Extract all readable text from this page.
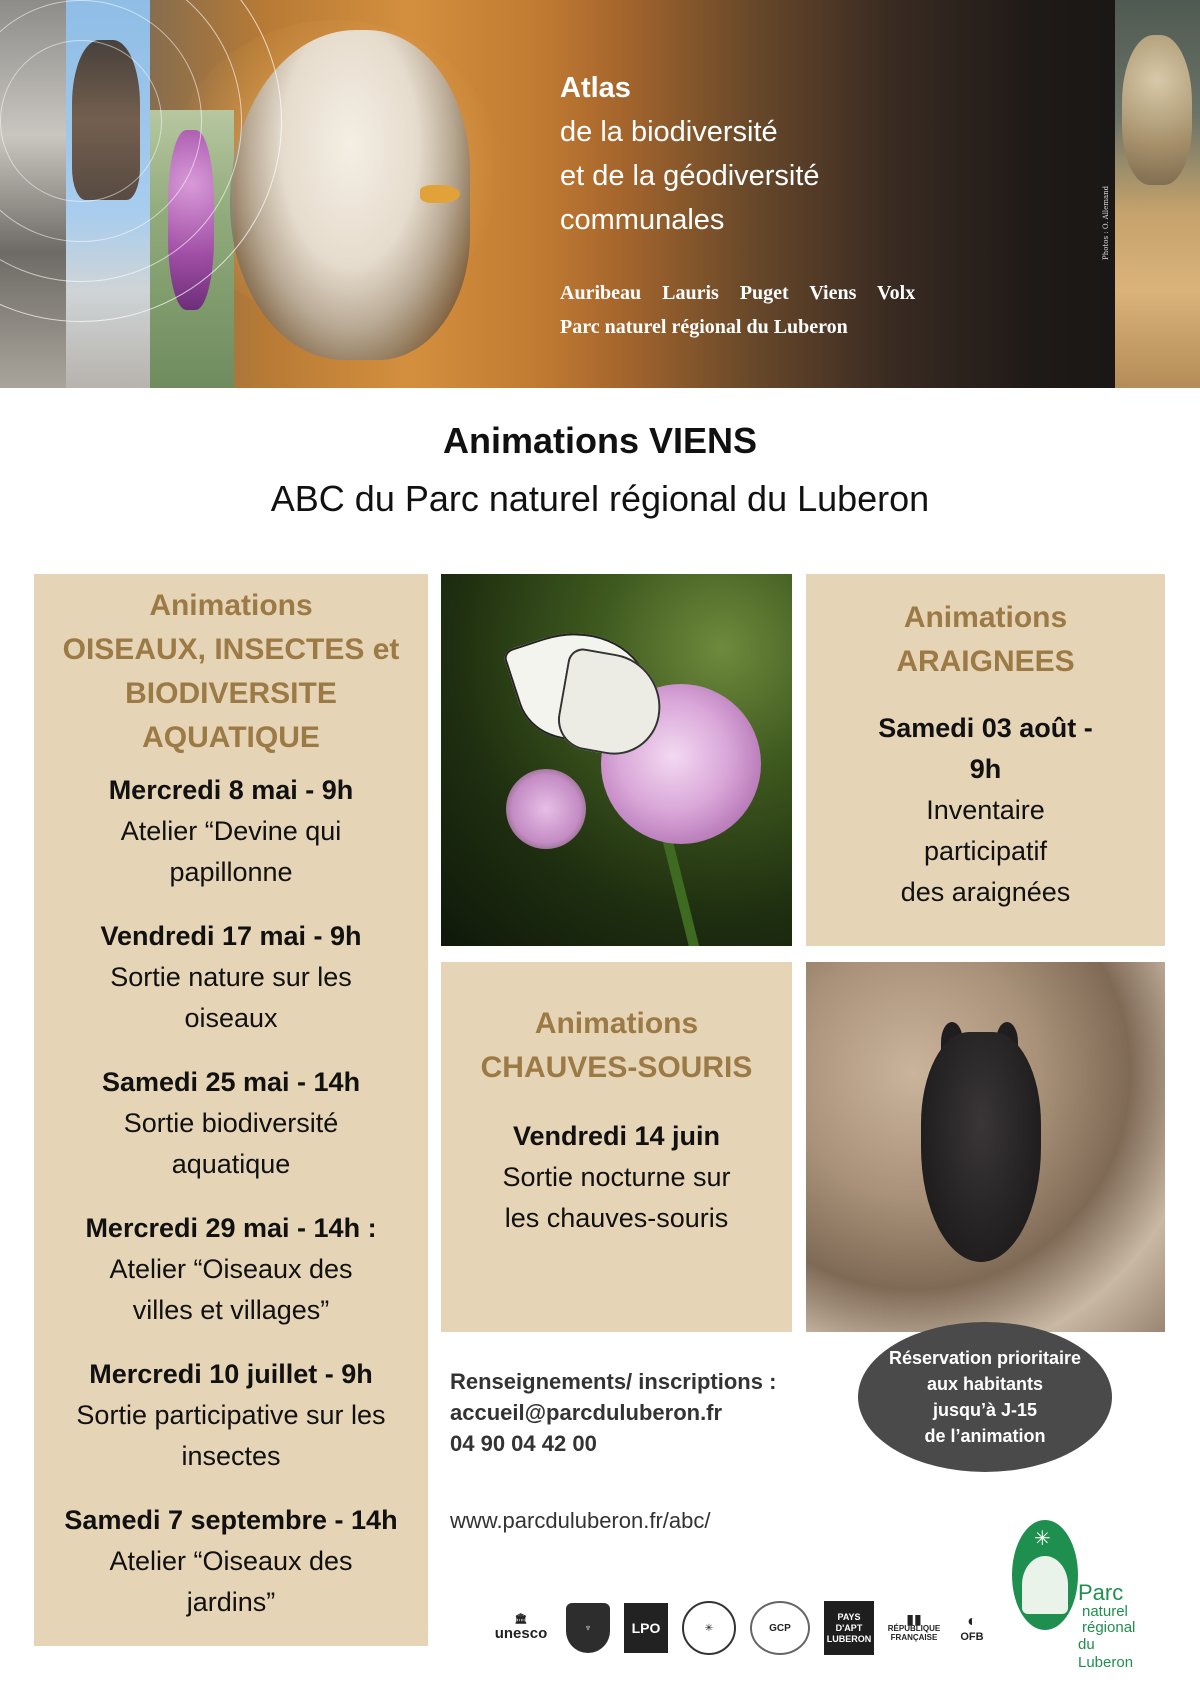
Photos : O. Allemand
Atlas
de la biodiversité
et de la géodiversité
communales
Auribeau Lauris Puget Viens Volx
Parc naturel régional du Luberon
Animations VIENS
ABC du Parc naturel régional du Luberon
Animations
OISEAUX, INSECTES et
BIODIVERSITE
AQUATIQUE
Mercredi 8 mai - 9h
Atelier “Devine qui
papillonne
Vendredi 17 mai - 9h
Sortie nature sur les
oiseaux
Samedi 25 mai - 14h
Sortie biodiversité
aquatique
Mercredi 29 mai - 14h :
Atelier “Oiseaux des
villes et villages”
Mercredi 10 juillet - 9h
Sortie participative sur les
insectes
Samedi 7 septembre - 14h
Atelier “Oiseaux des
jardins”
Animations
ARAIGNEES
Samedi 03 août -
9h
Inventaire
participatif
des araignées
Animations
CHAUVES-SOURIS
Vendredi 14 juin
Sortie nocturne sur
les chauves-souris
Réservation prioritaire
aux habitants
jusqu’à J-15
de l’animation
Renseignements/ inscriptions :
accueil@parcduluberon.fr
04 90 04 42 00
www.parcduluberon.fr/abc/
🏛
unesco	♆	LPO	✳	GCP
PAYS D'APT
LUBERON
▮▮
RÉPUBLIQUE
FRANÇAISE
◐
OFB
✳
Parc
naturel
régional
du Luberon
